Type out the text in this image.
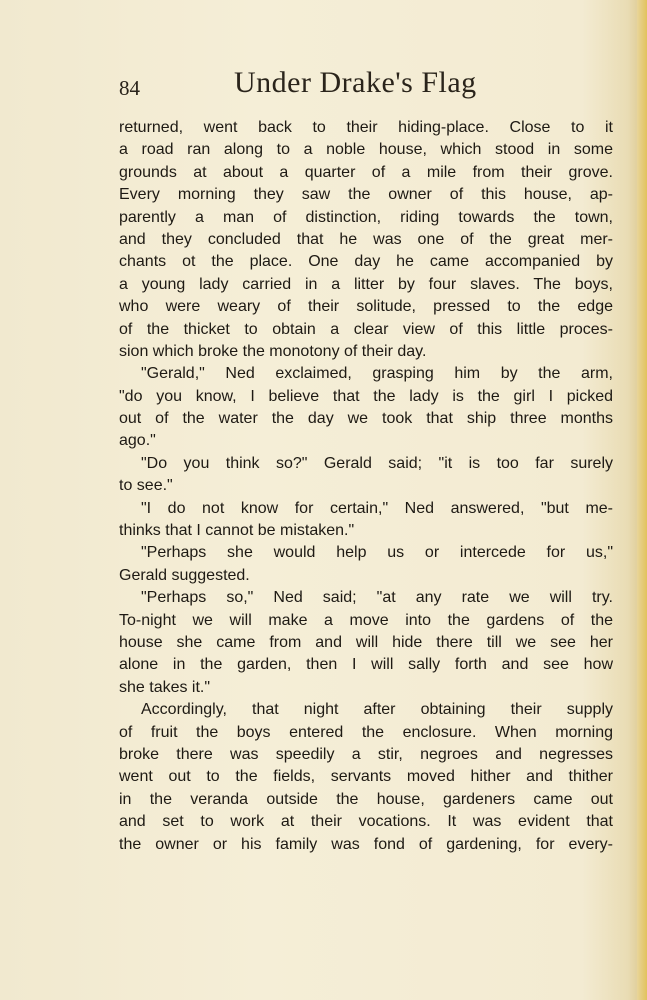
84	Under Drake's Flag
returned, went back to their hiding-place. Close to it
a road ran along to a noble house, which stood in some
grounds at about a quarter of a mile from their grove.
Every morning they saw the owner of this house, ap-
parently a man of distinction, riding towards the town,
and they concluded that he was one of the great mer-
chants ot the place. One day he came accompanied by
a young lady carried in a litter by four slaves. The boys,
who were weary of their solitude, pressed to the edge
of the thicket to obtain a clear view of this little proces-
sion which broke the monotony of their day.
"Gerald," Ned exclaimed, grasping him by the arm,
"do you know, I believe that the lady is the girl I picked
out of the water the day we took that ship three months
ago."
"Do you think so?" Gerald said; "it is too far surely
to see."
"I do not know for certain," Ned answered, "but me-
thinks that I cannot be mistaken."
"Perhaps she would help us or intercede for us,"
Gerald suggested.
"Perhaps so," Ned said; "at any rate we will try.
To-night we will make a move into the gardens of the
house she came from and will hide there till we see her
alone in the garden, then I will sally forth and see how
she takes it."
Accordingly, that night after obtaining their supply
of fruit the boys entered the enclosure. When morning
broke there was speedily a stir, negroes and negresses
went out to the fields, servants moved hither and thither
in the veranda outside the house, gardeners came out
and set to work at their vocations. It was evident that
the owner or his family was fond of gardening, for every-
